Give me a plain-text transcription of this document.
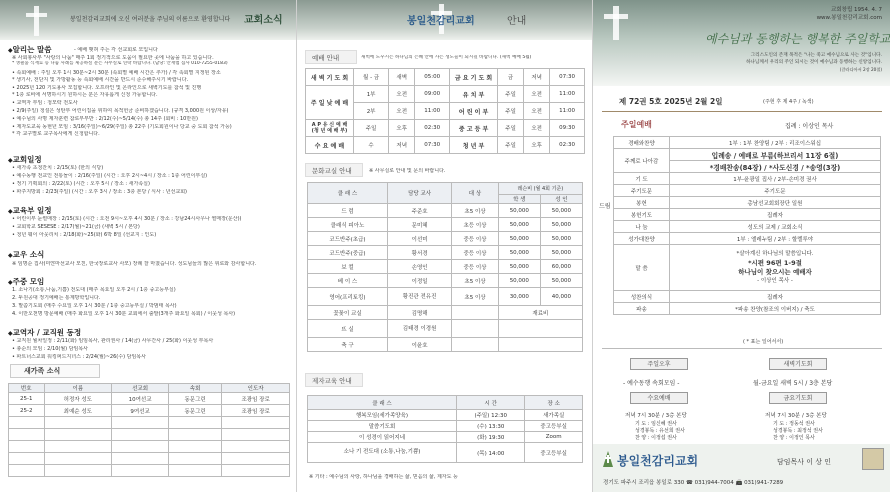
봉일천감리교회에 오신 여러분을 주님의 이름으로 환영합니다 교회소식
◆ 알리는 말씀	- 예배 맺혀 주는 각 선교회로 모입니다
※ 사회봉사부 "사랑의 나눔" 매주 1회 정기적으로 도움이 필요한 곳에 나눔을 하고 있습니다.
* 생필품 식재료 등 나눔 사례를 제공하실 분은 사무실로 연락 바랍니다. (담당: 안재범 집사 010-7255-0183)
• 속회예배 : 주일 오후 1시 30분~2시 30분 (속회별 예배 시간은 추가) / 각 속회별 지정된 장소
* 생기사, 전단지 및 가방활동 등 속회예배 시간을 반드시 준수해주시기 바랍니다.
• 2025년 120 기도용사 모집합니다. 오프라인 및 온라인으로 새벽기도를 참석 및 진행
* 1층 로비에 서명하시기 원하시는 분은 자유롭게 신청 가능합니다.
• 교역자 부임 : 청모락 전도사
• 2/9(주일) 청설은 성탄부 어린이집을 위하여 목적헌금 준비하겠습니다. (규격 3,000원 이상/자유)
• 예수님의 사명 제자훈련 참로부부반 : 2/12(수)~5/14(수) 총 14주 (회비 : 10만원)
• 제자도교육 동현년 모임 : 3/16(주일)~6/29(주일) 총 22주 (기도회원이나 당교 중 도회 참석 가능)
* 각 교구별로 교구목사에게 신청합니다.
◆ 교회일정
• 새가족 초청잔치 : 2/15(토) (한의 식당)
• 예수동행 전교인 전통놀이 : 2/16(주일) (시간 : 오후 2시~4시 / 장소 : 1층 어린이부실)
• 정기 기획회의 : 2/22(토) (시간 : 오후 5시 / 장소 : 새가족실)
• 파주지방회 : 2/23(주일) (시간 : 오후 3시 / 장소 : 3층 본당 / 식사 : 년선교회)
◆ 교육부 일정
• 어린이부 눈썰매장 : 2/15(토) (시간 : 오전 9시~오후 4시 30분 / 장소 : 강남24시사우나 썰매장(운산))
• 교회학교 SESESE : 2/17(월)~21(금) (새벽 5시 / 본당)
• 청년 웨이 아웃리치 : 2/18(화)~25(화) 6박 8일 (선교지 : 인도)
◆ 교우 소식
※ 임명순 집사(미얀마선교사 모친, 한국장로교사 사모) 장례 잘 마쳤습니다. 성도님들의 많은 위로와 감사합니다.
◆ 주중 모임
1. 소나기(소통,나눔,기쁨) 전도대 (매주 목요일 오후 2시 / 1층 중고등부실)
2. 두원공대 정기예배는 통계방학입니다.
3. 말씀기도회 (매주 수요일 오후 1시 30분 / 1층 중고등부실 / 박범태 목사)
4. 이만오천명 방문예배 (매주 화요일 오후 1시 30분 교회에서 출발(3개주 화요일 목회) / 이웃성 목사)
◆ 교역자 / 교직원 동정
• 교직원 월차일정 : 2/11(화) 임임목사, 관리권사 / 14(금) 사무간사 / 25(화) 이웃성 부목사
• 총순의 모임 : 2/10(월) 담임목사
• 파트너스교회 워킹퍼드지녀스 : 2/24(월)~26(수) 담임목사
새가족 소식
번호	이름	선교회	속회	인도자
25-1	허정자 성도	10여선교	동문그린	조광임 장로
25-2	최예순 성도	9여선교	동문그린	조광임 장로

봉일천감리교회	안내
예배 안내	새벽에 도우시는 하나님의 은혜 안에 사는 성도들이 되시길 바랍니다. (새벽 예배 5월)
새 벽 기 도 회	월 - 금	새벽	05:00	금 요 기 도 회	금	저녁	07:30
주 일 낮 예 배	1부	오전	09:00	유 치 부	주일	오전	11:00
	2부	오전	11:00	어 린 이 부	주일	오전	11:00
A P 유 신 예 배 (청 년 예 배 부)	주일	오후	02:30	중 고 등 부	주일	오전	09:30
수 요 예 배	수	저녁	07:30	청 년 부	주일	오후	02:30
문화교실 안내	※ 사무실로 안내 및 문의 바랍니다.
클 래 스	담당 교사	대 상	레슨비 (월 4회 기준)	
			학 생	성 인
드 럼	주준호	초5 이상	50,000	50,000
클래식 피아노	문미혜	초등 이상	50,000	50,000
코드반주(초급)	이선미	중등 이상	50,000	50,000
코드반주(중급)	황서경	중등 이상	50,000	50,000
보 컬	손영인	중등 이상	50,000	60,000
베 이 스	이정일	초5 이상	50,000	50,000
영어(프리토킹)	황진관 전유진	초5 이상	30,000	40,000
꽃꽂이 교실	김명해		재료비	
뜨 실	김태경 이경원			
축 구	이윤호			
제자교육 안내
클 래 스	시 간	장 소
행복모임(세가족양육)	(주일) 12:30	새가족실
말씀기도회	(수) 13:30	중고등부실
이 성경이 읽어지네	(화) 19:30	Zoom
소나 기 전도대 (소통,나눔,기쁨)	(목) 14:00	중고등부실
※ 기타 : 예수님의 사랑, 하나님을 경배하는 삶, 믿음의 삶, 제자도 등
교회창립 1954. 4. 7
www.봉일천감리교회.com
예수님과 동행하는 행복한 주일학교
그리스도인의 존재 목적은 "나는 죽고 예수님으로 사는 것"입니다.
하나님께서 우리의 주인 되시는 것이 예수님과 동행하는 신앙입니다.
(갈라디아서 2장 20절)
제 72권 5호 2025년 2월 2일	(주현 후 제 4주 / 녹색)
주일예배	집례 : 이상인 목사
드림
경배와찬양	1부 : 1부 찬양팀 / 2부 : 리조이스워십
주께로 나아감	입례송 / 예배로 부름(하브리서 11장 6절)
	*경배찬송(84장) / *사도신경 / *송영(3장)
기 도	1부-윤광일 집사 / 2부-손미경 권사
주기도문	주기도문
봉헌	총남선교회회장단 일원
봉헌기도	집례자
나 눔	성도의 교제 / 교회소식
성가대찬양	1부 : 엘레누팀 / 2부 : 할렐루야
말 씀	*살아계신 하나님의 말씀입니다.
*시편 96편 1-9절
하나님이 찾으시는 예배자
- 이상인 목사 -

성찬의식	집례자
파송	*파송 찬양(참조의 이버지) / 축도
( * 표는 일어서서)
주일오후
- 예수동행 속회모임 -
새벽기도회
월-금요일 새벽 5시 / 3층 본당
수요예배
저녁 7시 30분 / 3층 본당
기 도 : 임신혜 권사
성경봉독 : 유선희 권사
찬 양 : 이정섭 권사
금요기도회
저녁 7시 30분 / 3층 본당
기 도 : 정동석 권사
성경봉독 : 최정석 권사
찬 양 : 이정인 목사
봉일천감리교회	담임목사 이 상 인
경기도 파주시 조리읍 봉일로 330 ☎ 031)944-7004 📠 031)941-7289
